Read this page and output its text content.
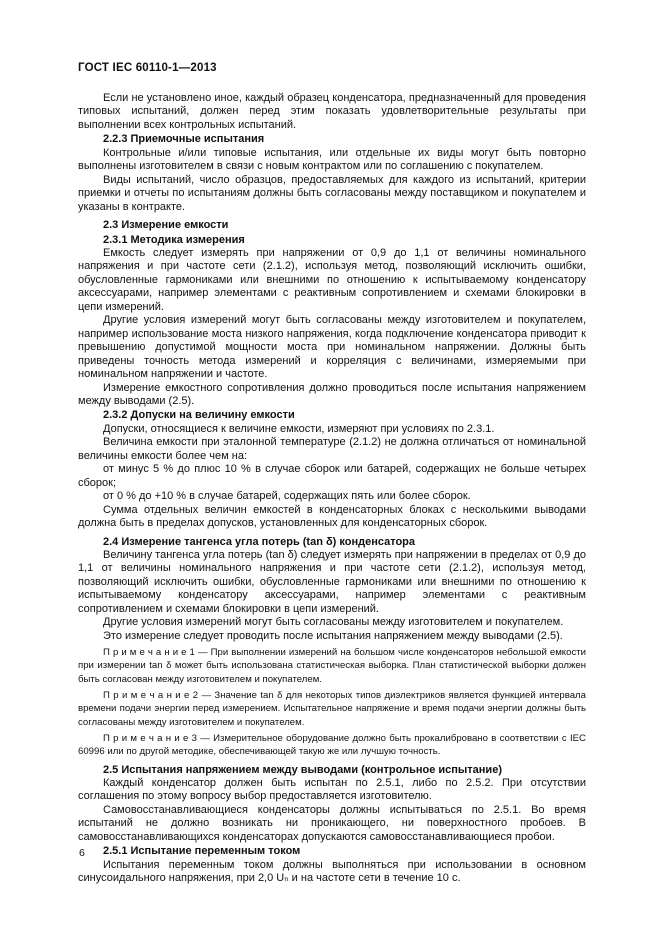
ГОСТ IEC 60110-1—2013

Если не установлено иное, каждый образец конденсатора, предназначенный для проведения типовых испытаний, должен перед этим показать удовлетворительные результаты при выполнении всех контрольных испытаний.

2.2.3 Приемочные испытания

Контрольные и/или типовые испытания, или отдельные их виды могут быть повторно выполнены изготовителем в связи с новым контрактом или по соглашению с покупателем.

Виды испытаний, число образцов, предоставляемых для каждого из испытаний, критерии приемки и отчеты по испытаниям должны быть согласованы между поставщиком и покупателем и указаны в контракте.

2.3 Измерение емкости

2.3.1 Методика измерения

Емкость следует измерять при напряжении от 0,9 до 1,1 от величины номинального напряжения и при частоте сети (2.1.2), используя метод, позволяющий исключить ошибки, обусловленные гармониками или внешними по отношению к испытываемому конденсатору аксессуарами, например элементами с реактивным сопротивлением и схемами блокировки в цепи измерений.

Другие условия измерений могут быть согласованы между изготовителем и покупателем, например использование моста низкого напряжения, когда подключение конденсатора приводит к превышению допустимой мощности моста при номинальном напряжении. Должны быть приведены точность метода измерений и корреляция с величинами, измеряемыми при номинальном напряжении и частоте.

Измерение емкостного сопротивления должно проводиться после испытания напряжением между выводами (2.5).

2.3.2 Допуски на величину емкости

Допуски, относящиеся к величине емкости, измеряют при условиях по 2.3.1.

Величина емкости при эталонной температуре (2.1.2) не должна отличаться от номинальной величины емкости более чем на:

от минус 5 % до плюс 10 % в случае сборок или батарей, содержащих не больше четырех сборок;

от 0 % до +10 % в случае батарей, содержащих пять или более сборок.

Сумма отдельных величин емкостей в конденсаторных блоках с несколькими выводами должна быть в пределах допусков, установленных для конденсаторных сборок.

2.4 Измерение тангенса угла потерь (tan δ) конденсатора

Величину тангенса угла потерь (tan δ) следует измерять при напряжении в пределах от 0,9 до 1,1 от величины номинального напряжения и при частоте сети (2.1.2), используя метод, позволяющий исключить ошибки, обусловленные гармониками или внешними по отношению к испытываемому конденсатору аксессуарами, например элементами с реактивным сопротивлением и схемами блокировки в цепи измерений.

Другие условия измерений могут быть согласованы между изготовителем и покупателем.

Это измерение следует проводить после испытания напряжением между выводами (2.5).

П р и м е ч а н и е 1 — При выполнении измерений на большом числе конденсаторов небольшой емкости при измерении tan δ может быть использована статистическая выборка. План статистической выборки должен быть согласован между изготовителем и покупателем.

П р и м е ч а н и е 2 — Значение tan δ для некоторых типов диэлектриков является функцией интервала времени подачи энергии перед измерением. Испытательное напряжение и время подачи энергии должны быть согласованы между изготовителем и покупателем.

П р и м е ч а н и е 3 — Измерительное оборудование должно быть прокалибровано в соответствии с IEC 60996 или по другой методике, обеспечивающей такую же или лучшую точность.

2.5 Испытания напряжением между выводами (контрольное испытание)

Каждый конденсатор должен быть испытан по 2.5.1, либо по 2.5.2. При отсутствии соглашения по этому вопросу выбор предоставляется изготовителю.

Самовосстанавливающиеся конденсаторы должны испытываться по 2.5.1. Во время испытаний не должно возникать ни проникающего, ни поверхностного пробоев. В самовосстанавливающихся конденсаторах допускаются самовосстанавливающиеся пробои.

2.5.1 Испытание переменным током

Испытания переменным током должны выполняться при использовании в основном синусоидального напряжения, при 2,0 Uₙ и на частоте сети в течение 10 с.

6
